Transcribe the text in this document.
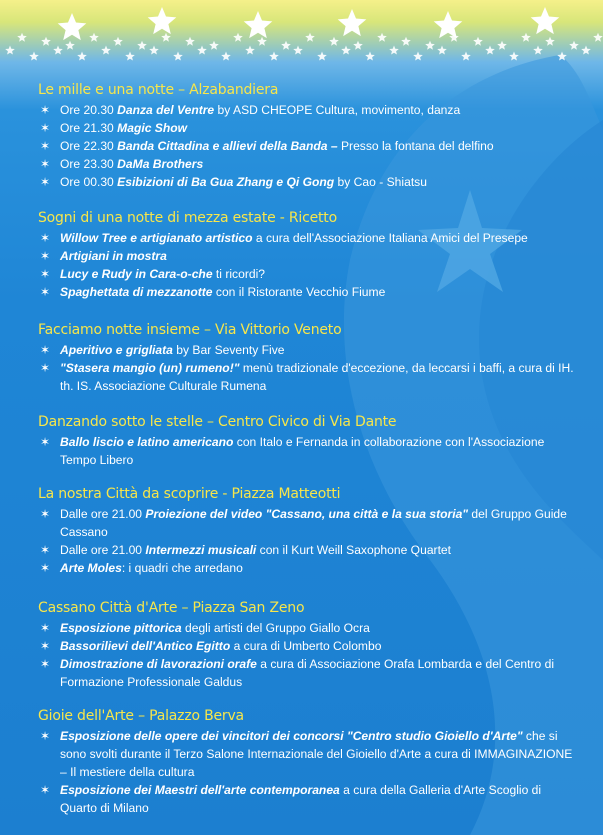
Le mille e una notte – Alzabandiera
✶ Ore 20.30 Danza del Ventre by ASD CHEOPE Cultura, movimento, danza
✶ Ore 21.30 Magic Show
✶ Ore 22.30 Banda Cittadina e allievi della Banda – Presso la fontana del delfino
✶ Ore 23.30 DaMa Brothers
✶ Ore 00.30 Esibizioni di Ba Gua Zhang e Qi Gong by Cao - Shiatsu
Sogni di una notte di mezza estate - Ricetto
✶ Willow Tree e artigianato artistico a cura dell'Associazione Italiana Amici del Presepe
✶ Artigiani in mostra
✶ Lucy e Rudy in Cara-o-che ti ricordi?
✶ Spaghettata di mezzanotte con il Ristorante Vecchio Fiume
Facciamo notte insieme – Via Vittorio Veneto
✶ Aperitivo e grigliata by Bar Seventy Five
✶ "Stasera mangio (un) rumeno!" menù tradizionale d'eccezione, da leccarsi i baffi, a cura di IH. th. IS. Associazione Culturale Rumena
Danzando sotto le stelle – Centro Civico di Via Dante
✶ Ballo liscio e latino americano con Italo e Fernanda in collaborazione con l'Associazione Tempo Libero
La nostra Città da scoprire - Piazza Matteotti
✶ Dalle ore 21.00 Proiezione del video "Cassano, una città e la sua storia" del Gruppo Guide Cassano
✶ Dalle ore 21.00 Intermezzi musicali con il Kurt Weill Saxophone Quartet
✶ Arte Moles: i quadri che arredano
Cassano Città d'Arte – Piazza San Zeno
✶ Esposizione pittorica degli artisti del Gruppo Giallo Ocra
✶ Bassorilievi dell'Antico Egitto a cura di Umberto Colombo
✶ Dimostrazione di lavorazioni orafe a cura di Associazione Orafa Lombarda e del Centro di Formazione Professionale Galdus
Gioie dell'Arte – Palazzo Berva
✶ Esposizione delle opere dei vincitori dei concorsi "Centro studio Gioiello d'Arte" che si sono svolti durante il Terzo Salone Internazionale del Gioiello d'Arte a cura di IMMAGINAZIONE – Il mestiere della cultura
✶ Esposizione dei Maestri dell'arte contemporanea a cura della Galleria d'Arte Scoglio di Quarto di Milano
